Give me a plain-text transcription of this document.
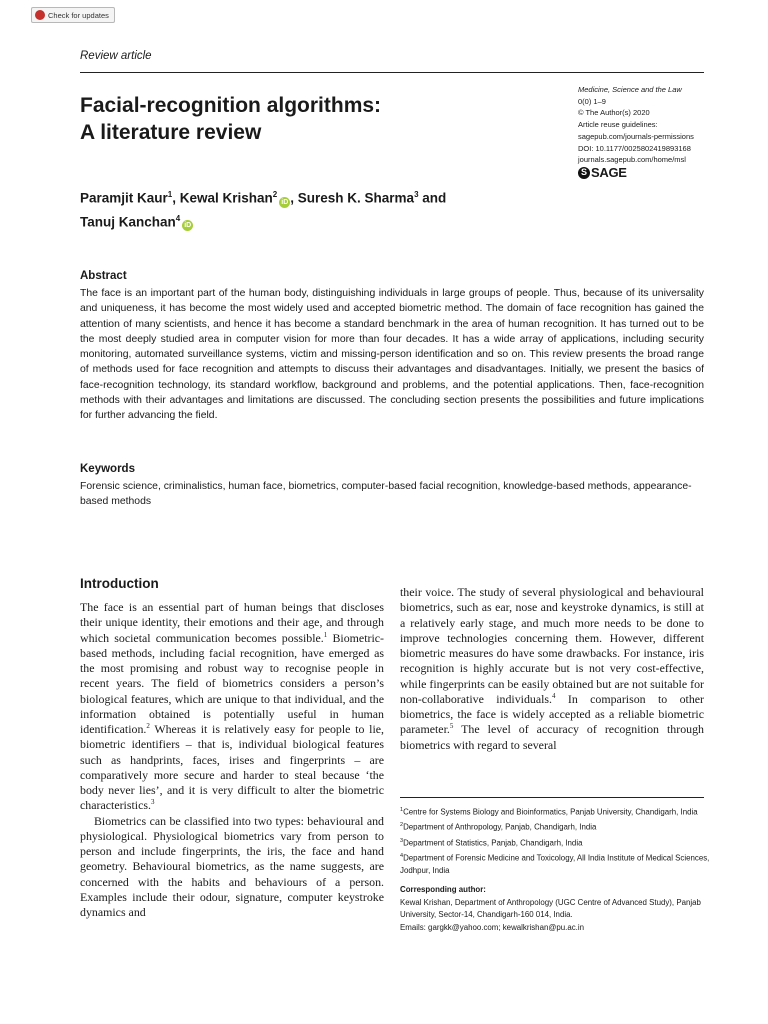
Check for updates
Review article
Facial-recognition algorithms:
A literature review
Medicine, Science and the Law
0(0) 1–9
© The Author(s) 2020
Article reuse guidelines:
sagepub.com/journals-permissions
DOI: 10.1177/0025802419893168
journals.sagepub.com/home/msl
S SAGE
Paramjit Kaur$^1$, Kewal Krishan$^2$iD , Suresh K. Sharma$^3$ and
Tanuj Kanchan$^4$iD
Abstract
The face is an important part of the human body, distinguishing individuals in large groups of people. Thus, because of its universality and uniqueness, it has become the most widely used and accepted biometric method. The domain of face recognition has gained the attention of many scientists, and hence it has become a standard benchmark in the area of human recognition. It has turned out to be the most deeply studied area in computer vision for more than four decades. It has a wide array of applications, including security monitoring, automated surveillance systems, victim and missing-person identification and so on. This review presents the broad range of methods used for face recognition and attempts to discuss their advantages and disadvantages. Initially, we present the basics of face-recognition technology, its standard workflow, background and problems, and the potential applications. Then, face-recognition methods with their advantages and limitations are discussed. The concluding section presents the possibilities and future implications for further advancing the field.
Keywords
Forensic science, criminalistics, human face, biometrics, computer-based facial recognition, knowledge-based methods, appearance-based methods
Introduction

The face is an essential part of human beings that discloses their unique identity, their emotions and their age, and through which societal communication becomes possible.$^1$ Biometric-based methods, including facial recognition, have emerged as the most promising and robust way to recognise people in recent years. The field of biometrics considers a person’s biological features, which are unique to that individual, and the information obtained is potentially useful in human identification.$^2$ Whereas it is relatively easy for people to lie, biometric identifiers – that is, individual biological features such as handprints, faces, irises and fingerprints – are comparatively more secure and harder to steal because ‘the body never lies’, and it is very difficult to alter the biometric characteristics.$^3$

Biometrics can be classified into two types: behavioural and physiological. Physiological biometrics vary from person to person and include fingerprints, the iris, the face and hand geometry. Behavioural biometrics, as the name suggests, are concerned with the habits and behaviours of a person. Examples include their odour, signature, computer keystroke dynamics and

their voice. The study of several physiological and behavioural biometrics, such as ear, nose and keystroke dynamics, is still at a relatively early stage, and much more needs to be done to improve technologies concerning them. However, different biometric measures do have some drawbacks. For instance, iris recognition is highly accurate but is not very cost-effective, while fingerprints can be easily obtained but are not suitable for non-collaborative individuals.$^4$ In comparison to other biometrics, the face is widely accepted as a reliable biometric parameter.$^5$ The level of accuracy of recognition through biometrics with regard to several

$^1$Centre for Systems Biology and Bioinformatics, Panjab University, Chandigarh, India
$^2$Department of Anthropology, Panjab, Chandigarh, India
$^3$Department of Statistics, Panjab, Chandigarh, India
$^4$Department of Forensic Medicine and Toxicology, All India Institute of Medical Sciences, Jodhpur, India
Corresponding author:
Kewal Krishan, Department of Anthropology (UGC Centre of Advanced Study), Panjab University, Sector-14, Chandigarh-160 014, India.
Emails: gargkk@yahoo.com; kewalkrishan@pu.ac.in
